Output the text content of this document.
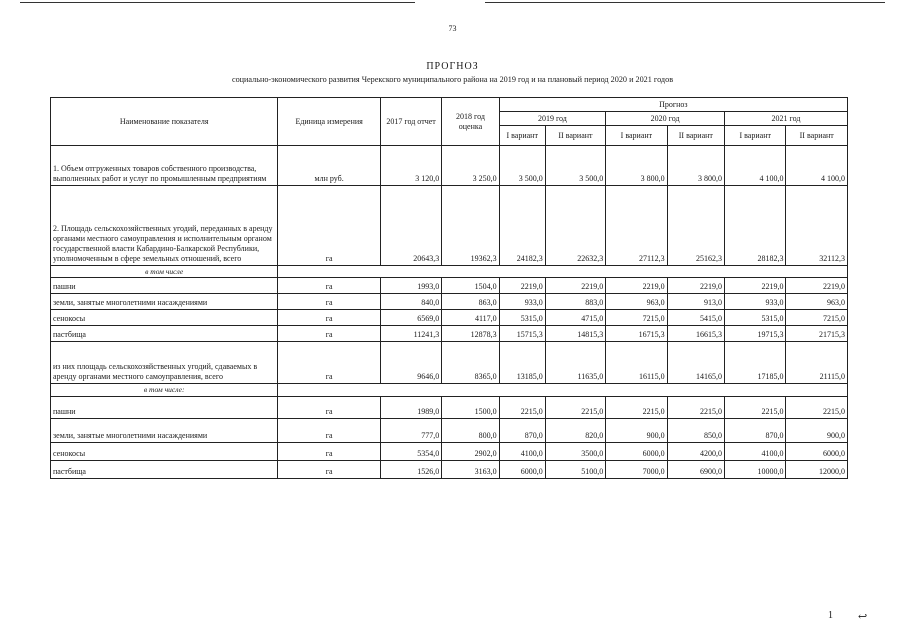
73
ПРОГНОЗ
социально-экономического развития Черекского муниципального района на 2019 год и на плановый период 2020 и 2021 годов
Наименование показателя	Единица измерения	2017 год отчет	2018 год оценка	Прогноз					
				2019 год		2020 год		2021 год	
				I вариант	II вариант	I вариант	II вариант	I вариант	II вариант
1. Объем отгруженных товаров собственного производства, выполненных работ и услуг по промышленным предприятиям	млн руб.	3 120,0	3 250,0	3 500,0	3 500,0	3 800,0	3 800,0	4 100,0	4 100,0
2. Площадь сельскохозяйственных угодий, переданных в аренду органами местного самоуправления и исполнительным органом государственной власти Кабардино-Балкарской Республики, уполномоченным в сфере земельных отношений, всего	га	20643,3	19362,3	24182,3	22632,3	27112,3	25162,3	28182,3	32112,3
в том числе									
пашни	га	1993,0	1504,0	2219,0	2219,0	2219,0	2219,0	2219,0	2219,0
земли, занятые многолетними насаждениями	га	840,0	863,0	933,0	883,0	963,0	913,0	933,0	963,0
сенокосы	га	6569,0	4117,0	5315,0	4715,0	7215,0	5415,0	5315,0	7215,0
пастбища	га	11241,3	12878,3	15715,3	14815,3	16715,3	16615,3	19715,3	21715,3
из них площадь сельскохозяйственных угодий, сдаваемых в аренду органами местного самоуправления, всего	га	9646,0	8365,0	13185,0	11635,0	16115,0	14165,0	17185,0	21115,0
в том числе:									
пашни	га	1989,0	1500,0	2215,0	2215,0	2215,0	2215,0	2215,0	2215,0
земли, занятые многолетними насаждениями	га	777,0	800,0	870,0	820,0	900,0	850,0	870,0	900,0
сенокосы	га	5354,0	2902,0	4100,0	3500,0	6000,0	4200,0	4100,0	6000,0
пастбища	га	1526,0	3163,0	6000,0	5100,0	7000,0	6900,0	10000,0	12000,0
1 ↩
